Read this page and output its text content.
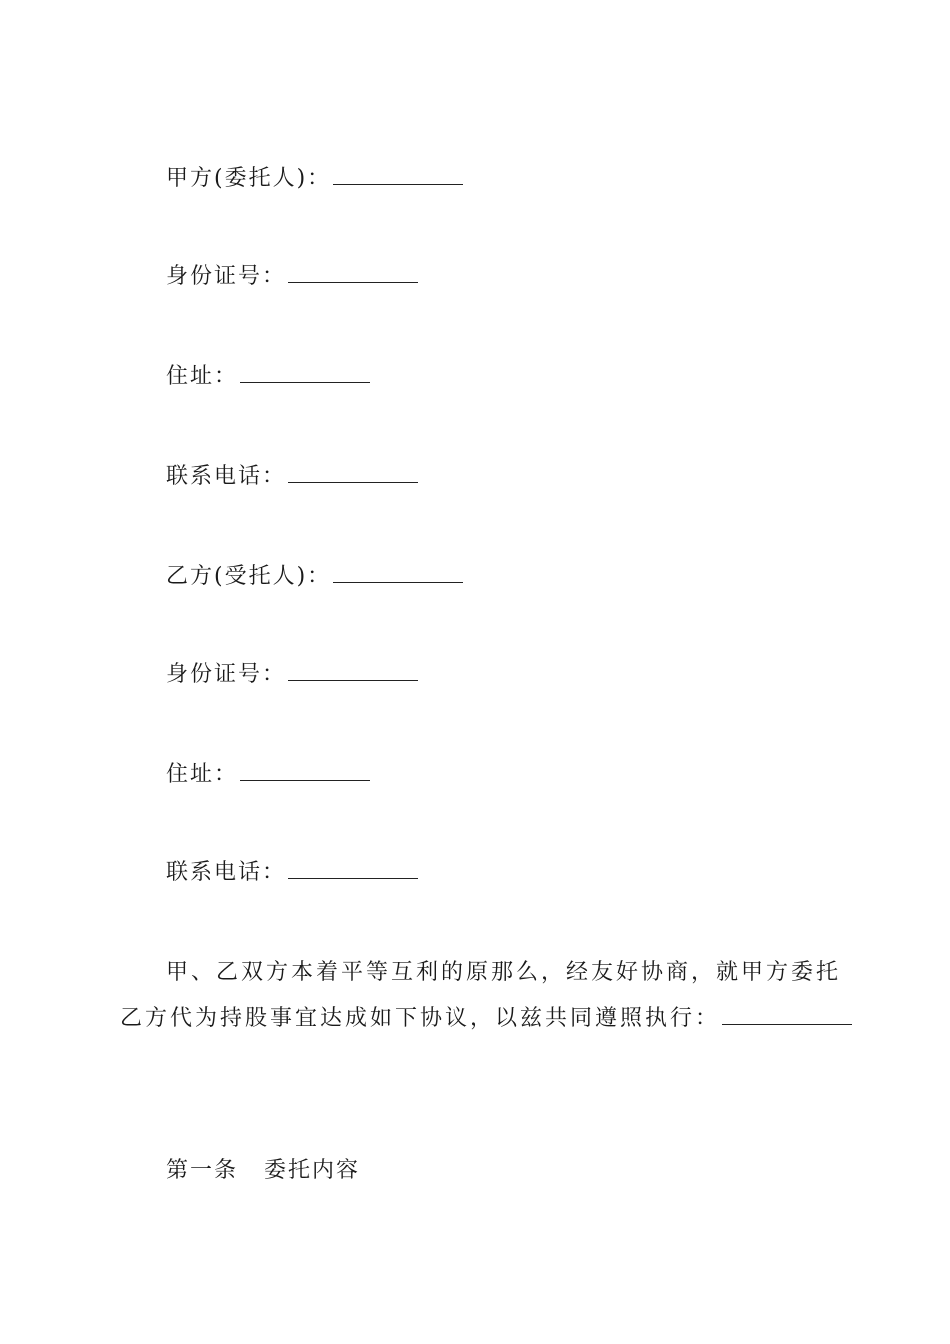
甲方(委托人)：
身份证号：
住址：
联系电话：
乙方(受托人)：
身份证号：
住址：
联系电话：
甲、乙双方本着平等互利的原那么，经友好协商，就甲方委托
乙方代为持股事宜达成如下协议，以兹共同遵照执行：
第一条 委托内容
